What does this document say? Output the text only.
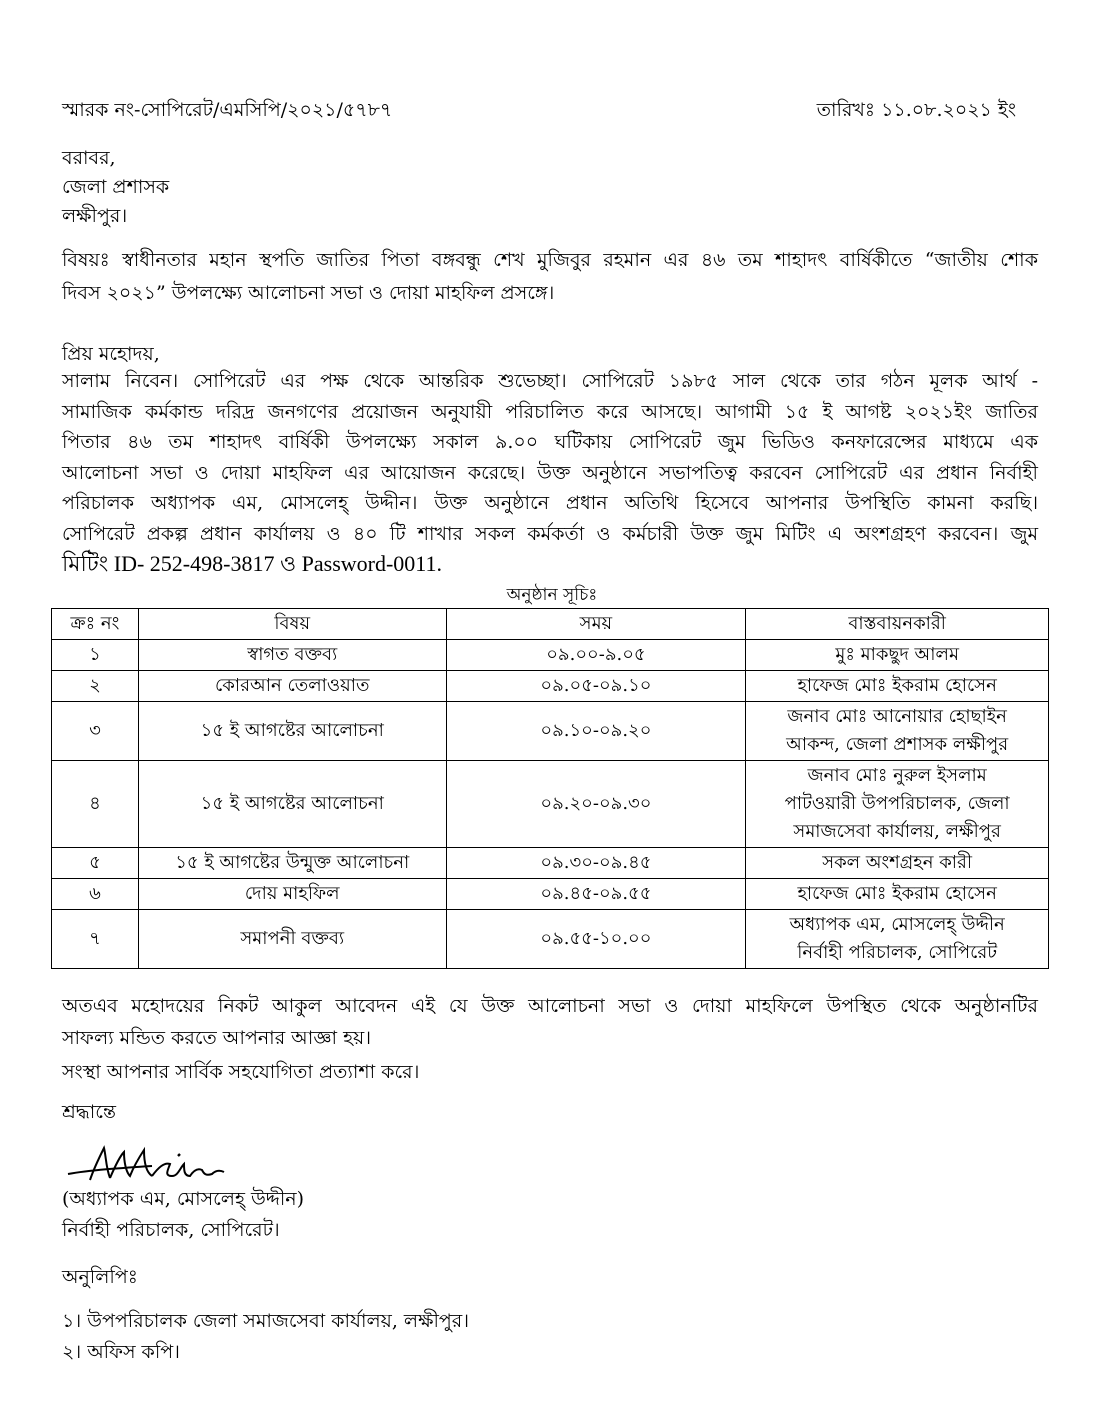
স্মারক নং-সোপিরেট/এমসিপি/২০২১/৫৭৮৭	তারিখঃ ১১.০৮.২০২১ ইং
বরাবর,
জেলা প্রশাসক
লক্ষীপুর।
বিষয়ঃ স্বাধীনতার মহান স্থপতি জাতির পিতা বঙ্গবন্ধু শেখ মুজিবুর রহমান এর ৪৬ তম শাহাদৎ বার্ষিকীতে “জাতীয় শোক
দিবস ২০২১” উপলক্ষ্যে আলোচনা সভা ও দোয়া মাহফিল প্রসঙ্গে।
প্রিয় মহোদয়,
সালাম নিবেন। সোপিরেট এর পক্ষ থেকে আন্তরিক শুভেচ্ছা। সোপিরেট ১৯৮৫ সাল থেকে তার গঠন মূলক আর্থ -
সামাজিক কর্মকান্ড দরিদ্র জনগণের প্রয়োজন অনুযায়ী পরিচালিত করে আসছে। আগামী ১৫ ই আগষ্ট ২০২১ইং জাতির
পিতার ৪৬ তম শাহাদৎ বার্ষিকী উপলক্ষ্যে সকাল ৯.০০ ঘটিকায় সোপিরেট জুম ভিডিও কনফারেন্সের মাধ্যমে এক
আলোচনা সভা ও দোয়া মাহফিল এর আয়োজন করেছে। উক্ত অনুষ্ঠানে সভাপতিত্ব করবেন সোপিরেট এর প্রধান নির্বাহী
পরিচালক অধ্যাপক এম, মোসলেহ্ উদ্দীন। উক্ত অনুষ্ঠানে প্রধান অতিথি হিসেবে আপনার উপস্থিতি কামনা করছি।
সোপিরেট প্রকল্প প্রধান কার্যালয় ও ৪০ টি শাখার সকল কর্মকর্তা ও কর্মচারী উক্ত জুম মিটিং এ অংশগ্রহণ করবেন। জুম
মিটিং ID- 252-498-3817 ও Password-0011.
অনুষ্ঠান সূচিঃ
ক্রঃ নং	বিষয়	সময়	বাস্তবায়নকারী
১	স্বাগত বক্তব্য	০৯.০০-৯.০৫	মুঃ মাকছুদ আলম

২	কোরআন তেলাওয়াত	০৯.০৫-০৯.১০	হাফেজ মোঃ ইকরাম হোসেন

৩	১৫ ই আগষ্টের আলোচনা	০৯.১০-০৯.২০	জনাব মোঃ আনোয়ার হোছাইন
আকন্দ, জেলা প্রশাসক লক্ষীপুর

৪	১৫ ই আগষ্টের আলোচনা	০৯.২০-০৯.৩০	জনাব মোঃ নুরুল ইসলাম
পাটওয়ারী উপপরিচালক, জেলা
সমাজসেবা কার্যালয়, লক্ষীপুর

৫	১৫ ই আগষ্টের উন্মুক্ত আলোচনা	০৯.৩০-০৯.৪৫	সকল অংশগ্রহন কারী

৬	দোয় মাহফিল	০৯.৪৫-০৯.৫৫	হাফেজ মোঃ ইকরাম হোসেন

৭	সমাপনী বক্তব্য	০৯.৫৫-১০.০০	অধ্যাপক এম, মোসলেহ্ উদ্দীন
নির্বাহী পরিচালক, সোপিরেট
অতএব মহোদয়ের নিকট আকুল আবেদন এই যে উক্ত আলোচনা সভা ও দোয়া মাহফিলে উপস্থিত থেকে অনুষ্ঠানটির
সাফল্য মন্ডিত করতে আপনার আজ্ঞা হয়।
সংস্থা আপনার সার্বিক সহযোগিতা প্রত্যাশা করে।
শ্রদ্ধান্তে
(অধ্যাপক এম, মোসলেহ্ উদ্দীন)
নির্বাহী পরিচালক, সোপিরেট।
অনুলিপিঃ
১। উপপরিচালক জেলা সমাজসেবা কার্যালয়, লক্ষীপুর।
২। অফিস কপি।
